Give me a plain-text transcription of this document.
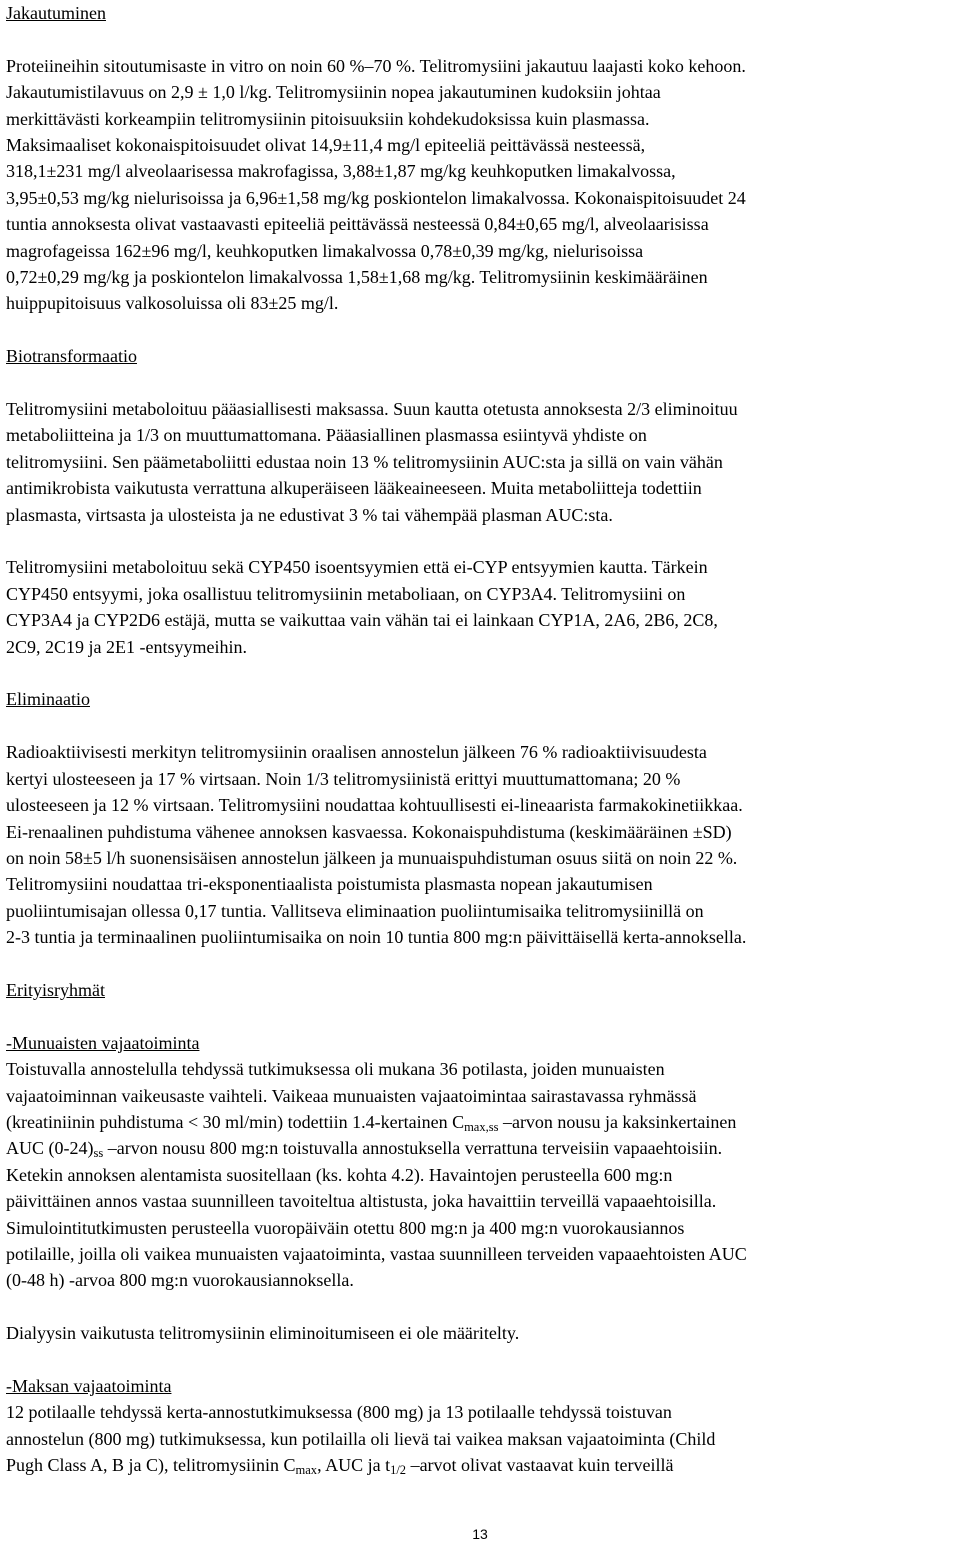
Jakautuminen
Proteiineihin sitoutumisaste in vitro on noin 60 %–70 %. Telitromysiini jakautuu laajasti koko kehoon.
Jakautumistilavuus on 2,9 ± 1,0 l/kg. Telitromysiinin nopea jakautuminen kudoksiin johtaa
merkittävästi korkeampiin telitromysiinin pitoisuuksiin kohdekudoksissa kuin plasmassa.
Maksimaaliset kokonaispitoisuudet olivat 14,9±11,4 mg/l epiteeliä peittävässä nesteessä,
318,1±231 mg/l alveolaarisessa makrofagissa, 3,88±1,87 mg/kg keuhkoputken limakalvossa,
3,95±0,53 mg/kg nielurisoissa ja 6,96±1,58 mg/kg poskiontelon limakalvossa. Kokonaispitoisuudet 24
tuntia annoksesta olivat vastaavasti epiteeliä peittävässä nesteessä 0,84±0,65 mg/l, alveolaarisissa
magrofageissa 162±96 mg/l, keuhkoputken limakalvossa 0,78±0,39 mg/kg, nielurisoissa
0,72±0,29 mg/kg ja poskiontelon limakalvossa 1,58±1,68 mg/kg. Telitromysiinin keskimääräinen
huippupitoisuus valkosoluissa oli 83±25 mg/l.
Biotransformaatio
Telitromysiini metaboloituu pääasiallisesti maksassa. Suun kautta otetusta annoksesta 2/3 eliminoituu
metaboliitteina ja 1/3 on muuttumattomana. Pääasiallinen plasmassa esiintyvä yhdiste on
telitromysiini. Sen päämetaboliitti edustaa noin 13 % telitromysiinin AUC:sta ja sillä on vain vähän
antimikrobista vaikutusta verrattuna alkuperäiseen lääkeaineeseen. Muita metaboliitteja todettiin
plasmasta, virtsasta ja ulosteista ja ne edustivat 3 % tai vähempää plasman AUC:sta.
Telitromysiini metaboloituu sekä CYP450 isoentsyymien että ei-CYP entsyymien kautta. Tärkein
CYP450 entsyymi, joka osallistuu telitromysiinin metaboliaan, on CYP3A4. Telitromysiini on
CYP3A4 ja CYP2D6 estäjä, mutta se vaikuttaa vain vähän tai ei lainkaan CYP1A, 2A6, 2B6, 2C8,
2C9, 2C19 ja 2E1 -entsyymeihin.
Eliminaatio
Radioaktiivisesti merkityn telitromysiinin oraalisen annostelun jälkeen 76 % radioaktiivisuudesta
kertyi ulosteeseen ja 17 % virtsaan. Noin 1/3 telitromysiinistä erittyi muuttumattomana; 20 %
ulosteeseen ja 12 % virtsaan. Telitromysiini noudattaa kohtuullisesti ei-lineaarista farmakokinetiikkaa.
Ei-renaalinen puhdistuma vähenee annoksen kasvaessa. Kokonaispuhdistuma (keskimääräinen ±SD)
on noin 58±5 l/h suonensisäisen annostelun jälkeen ja munuaispuhdistuman osuus siitä on noin 22 %.
Telitromysiini noudattaa tri-eksponentiaalista poistumista plasmasta nopean jakautumisen
puoliintumisajan ollessa 0,17 tuntia. Vallitseva eliminaation puoliintumisaika telitromysiinillä on
2-3 tuntia ja terminaalinen puoliintumisaika on noin 10 tuntia 800 mg:n päivittäisellä kerta-annoksella.
Erityisryhmät
-Munuaisten vajaatoiminta
Toistuvalla annostelulla tehdyssä tutkimuksessa oli mukana 36 potilasta, joiden munuaisten
vajaatoiminnan vaikeusaste vaihteli. Vaikeaa munuaisten vajaatoimintaa sairastavassa ryhmässä
(kreatiniinin puhdistuma < 30 ml/min) todettiin 1.4-kertainen Cmax,ss –arvon nousu ja kaksinkertainen
AUC (0-24)ss –arvon nousu 800 mg:n toistuvalla annostuksella verrattuna terveisiin vapaaehtoisiin.
Ketekin annoksen alentamista suositellaan (ks. kohta 4.2). Havaintojen perusteella 600 mg:n
päivittäinen annos vastaa suunnilleen tavoiteltua altistusta, joka havaittiin terveillä vapaaehtoisilla.
Simulointitutkimusten perusteella vuoropäiväin otettu 800 mg:n ja 400 mg:n vuorokausiannos
potilaille, joilla oli vaikea munuaisten vajaatoiminta, vastaa suunnilleen terveiden vapaaehtoisten AUC
(0-48 h) -arvoa 800 mg:n vuorokausiannoksella.
Dialyysin vaikutusta telitromysiinin eliminoitumiseen ei ole määritelty.
-Maksan vajaatoiminta
12 potilaalle tehdyssä kerta-annostutkimuksessa (800 mg) ja 13 potilaalle tehdyssä toistuvan
annostelun (800 mg) tutkimuksessa, kun potilailla oli lievä tai vaikea maksan vajaatoiminta (Child
Pugh Class A, B ja C), telitromysiinin Cmax, AUC ja t1/2 –arvot olivat vastaavat kuin terveillä
13
